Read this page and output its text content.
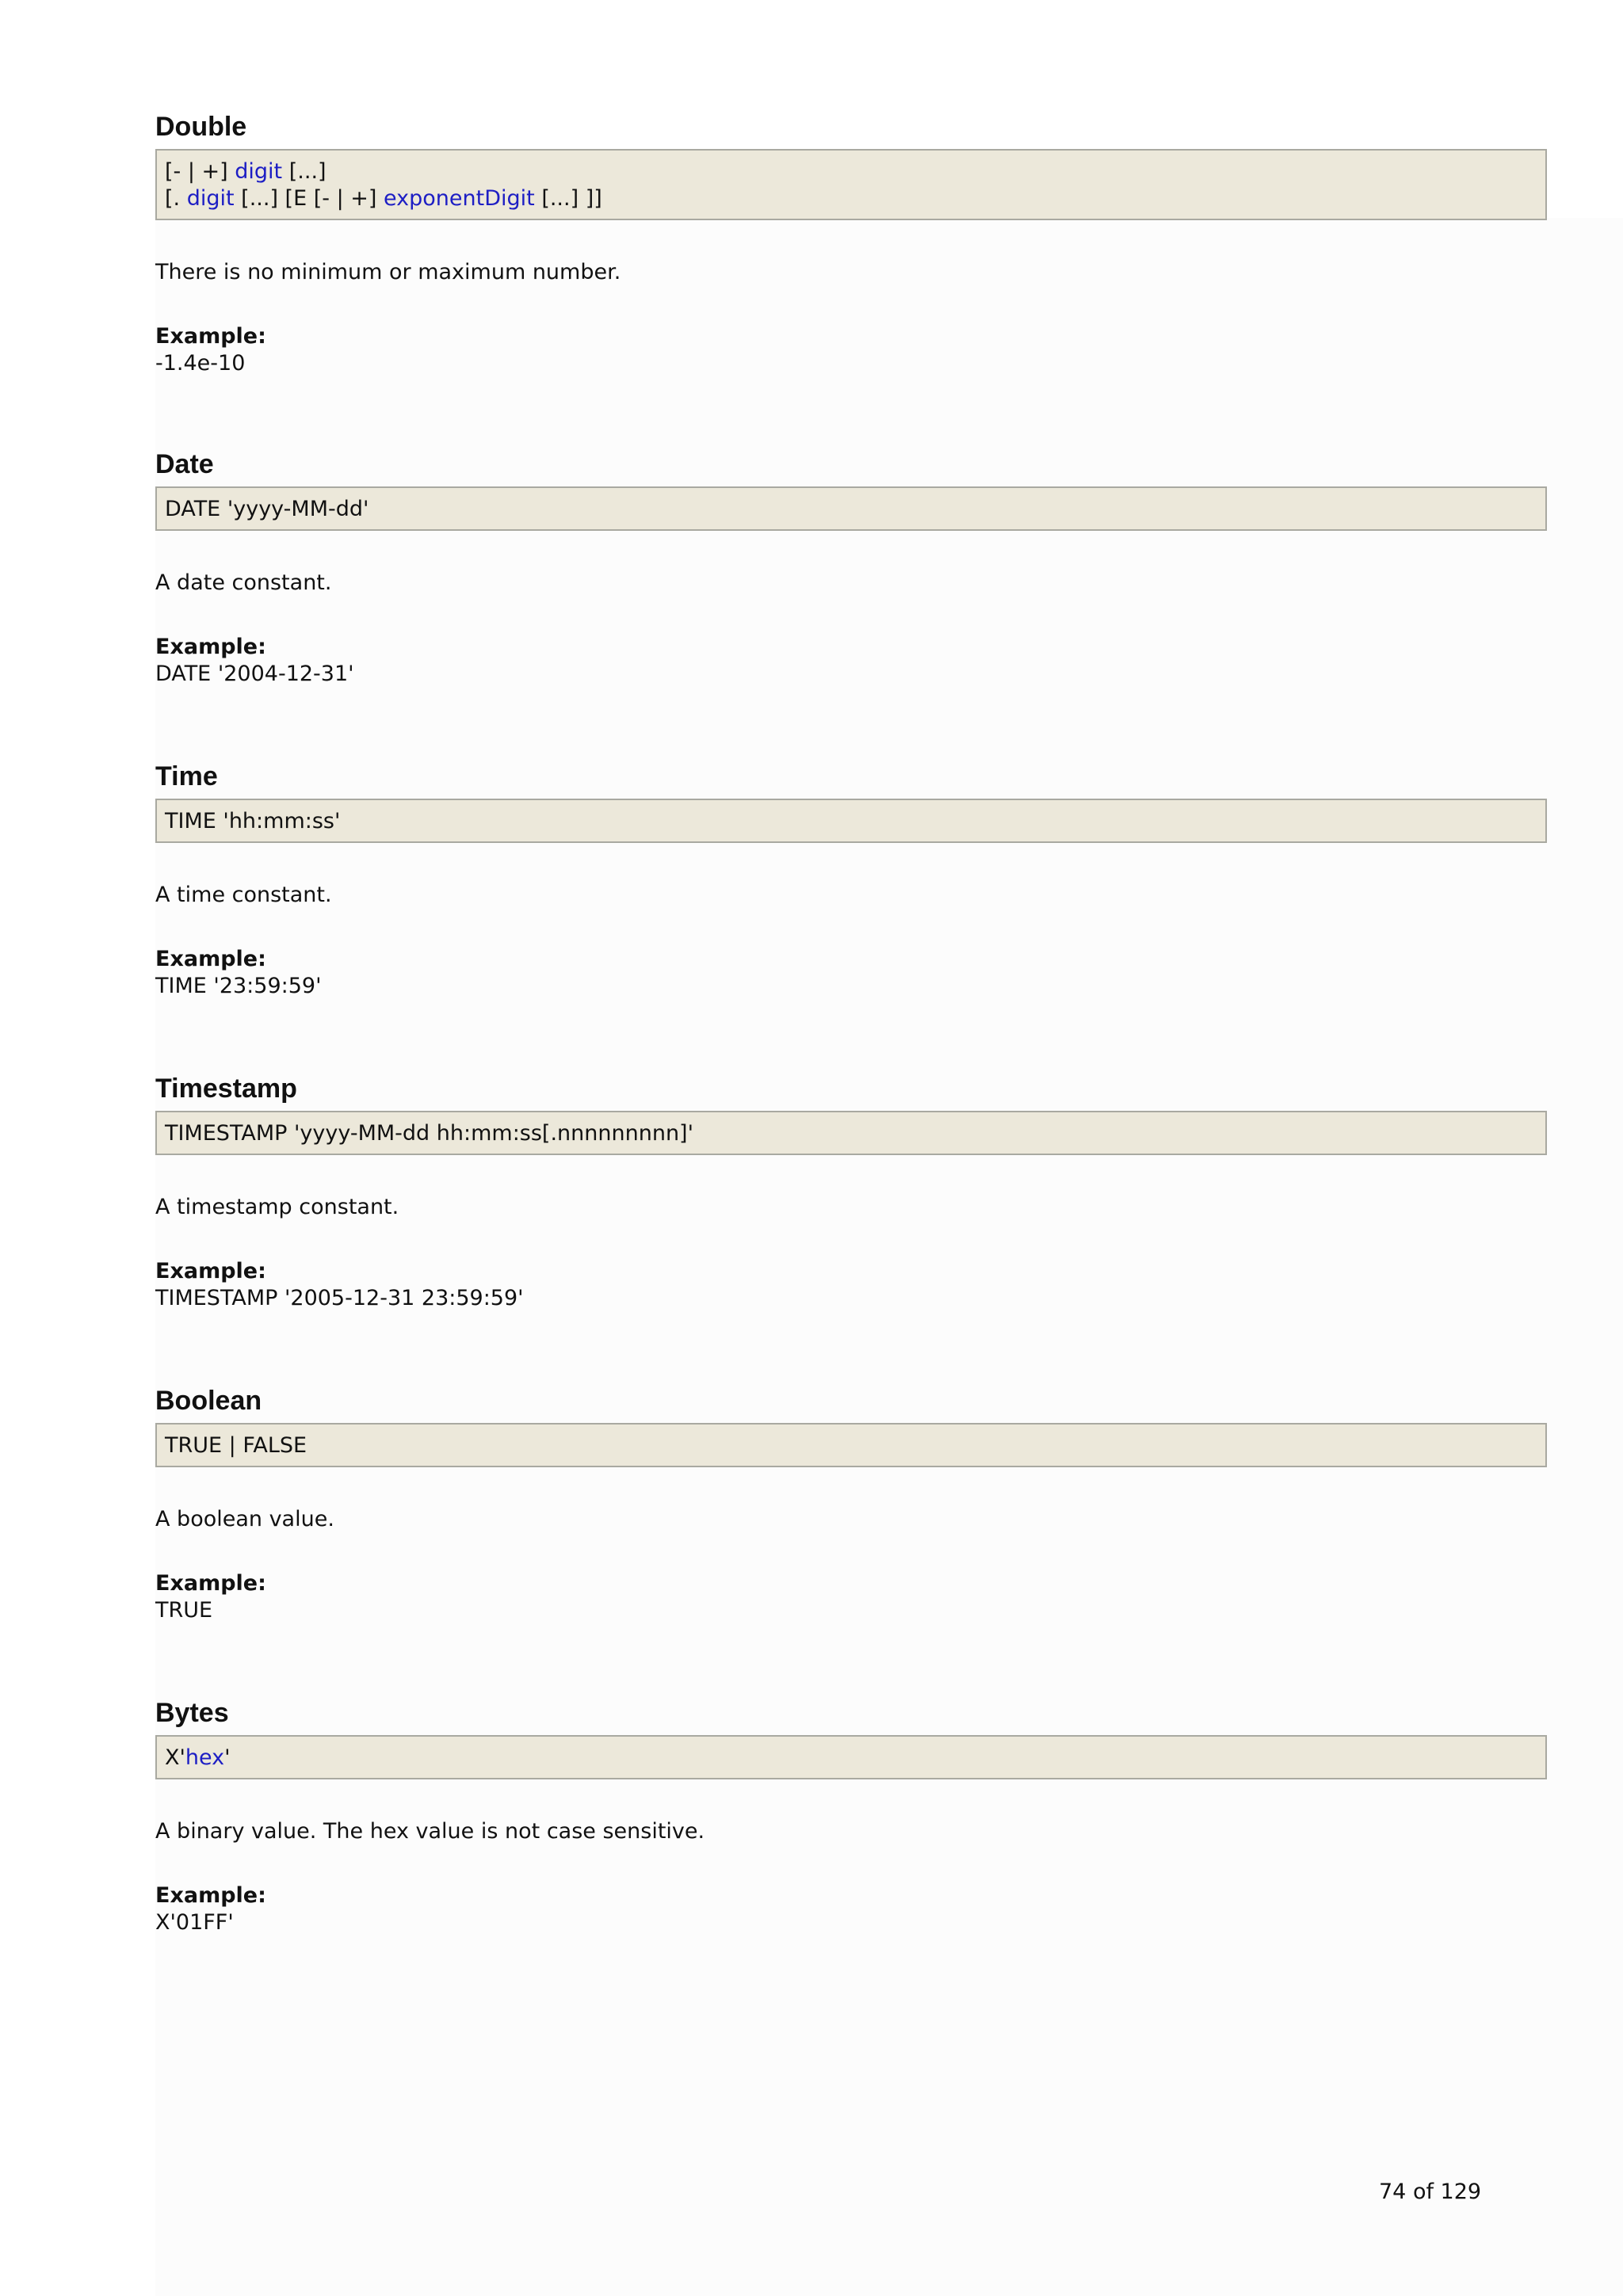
Double
[- | +] digit [...]
[. digit [...] [E [- | +] exponentDigit [...] ]]

There is no minimum or maximum number.

Example:

-1.4e-10

Date
DATE 'yyyy-MM-dd'

A date constant.

Example:

DATE '2004-12-31'

Time
TIME 'hh:mm:ss'

A time constant.

Example:

TIME '23:59:59'

Timestamp
TIMESTAMP 'yyyy-MM-dd hh:mm:ss[.nnnnnnnnn]'

A timestamp constant.

Example:

TIMESTAMP '2005-12-31 23:59:59'

Boolean
TRUE | FALSE

A boolean value.

Example:

TRUE

Bytes
X'hex'

A binary value. The hex value is not case sensitive.

Example:

X'01FF'

74 of 129
